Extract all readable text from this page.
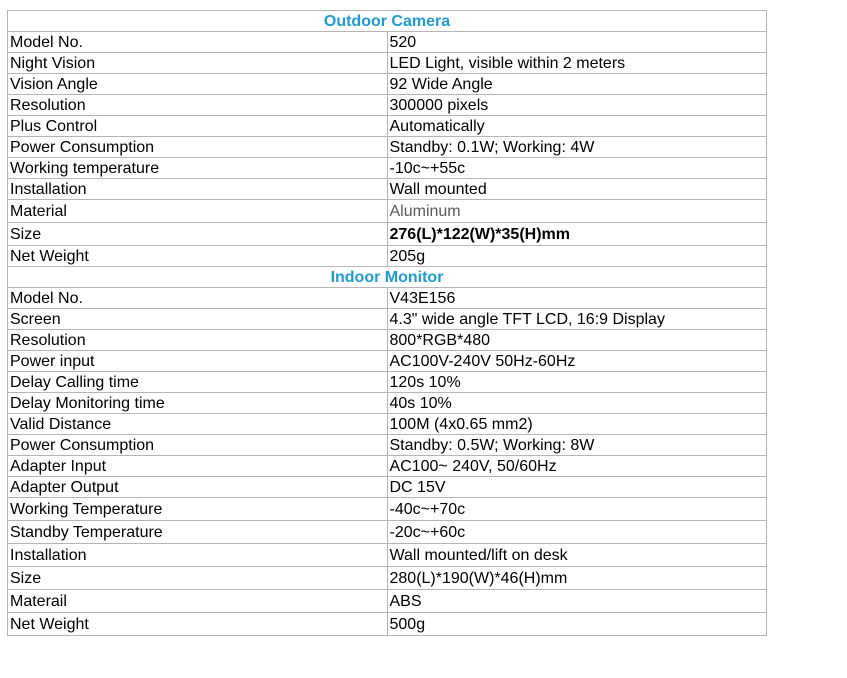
Outdoor Camera	
Model No.	520
Night Vision	LED Light, visible within 2 meters
Vision Angle	92 Wide Angle
Resolution	300000 pixels
Plus Control	Automatically
Power Consumption	Standby: 0.1W; Working: 4W
Working temperature	-10c~+55c
Installation	Wall mounted
Material	Aluminum
Size	276(L)*122(W)*35(H)mm
Net Weight	205g
Indoor Monitor	
Model No.	V43E156
Screen	4.3" wide angle TFT LCD, 16:9 Display
Resolution	800*RGB*480
Power input	AC100V-240V 50Hz-60Hz
Delay Calling time	120s 10%
Delay Monitoring time	40s 10%
Valid Distance	100M (4x0.65 mm2)
Power Consumption	Standby: 0.5W; Working: 8W
Adapter Input	AC100~ 240V, 50/60Hz
Adapter Output	DC 15V
Working Temperature	-40c~+70c
Standby Temperature	-20c~+60c
Installation	Wall mounted/lift on desk
Size	280(L)*190(W)*46(H)mm
Materail	ABS
Net Weight	500g
